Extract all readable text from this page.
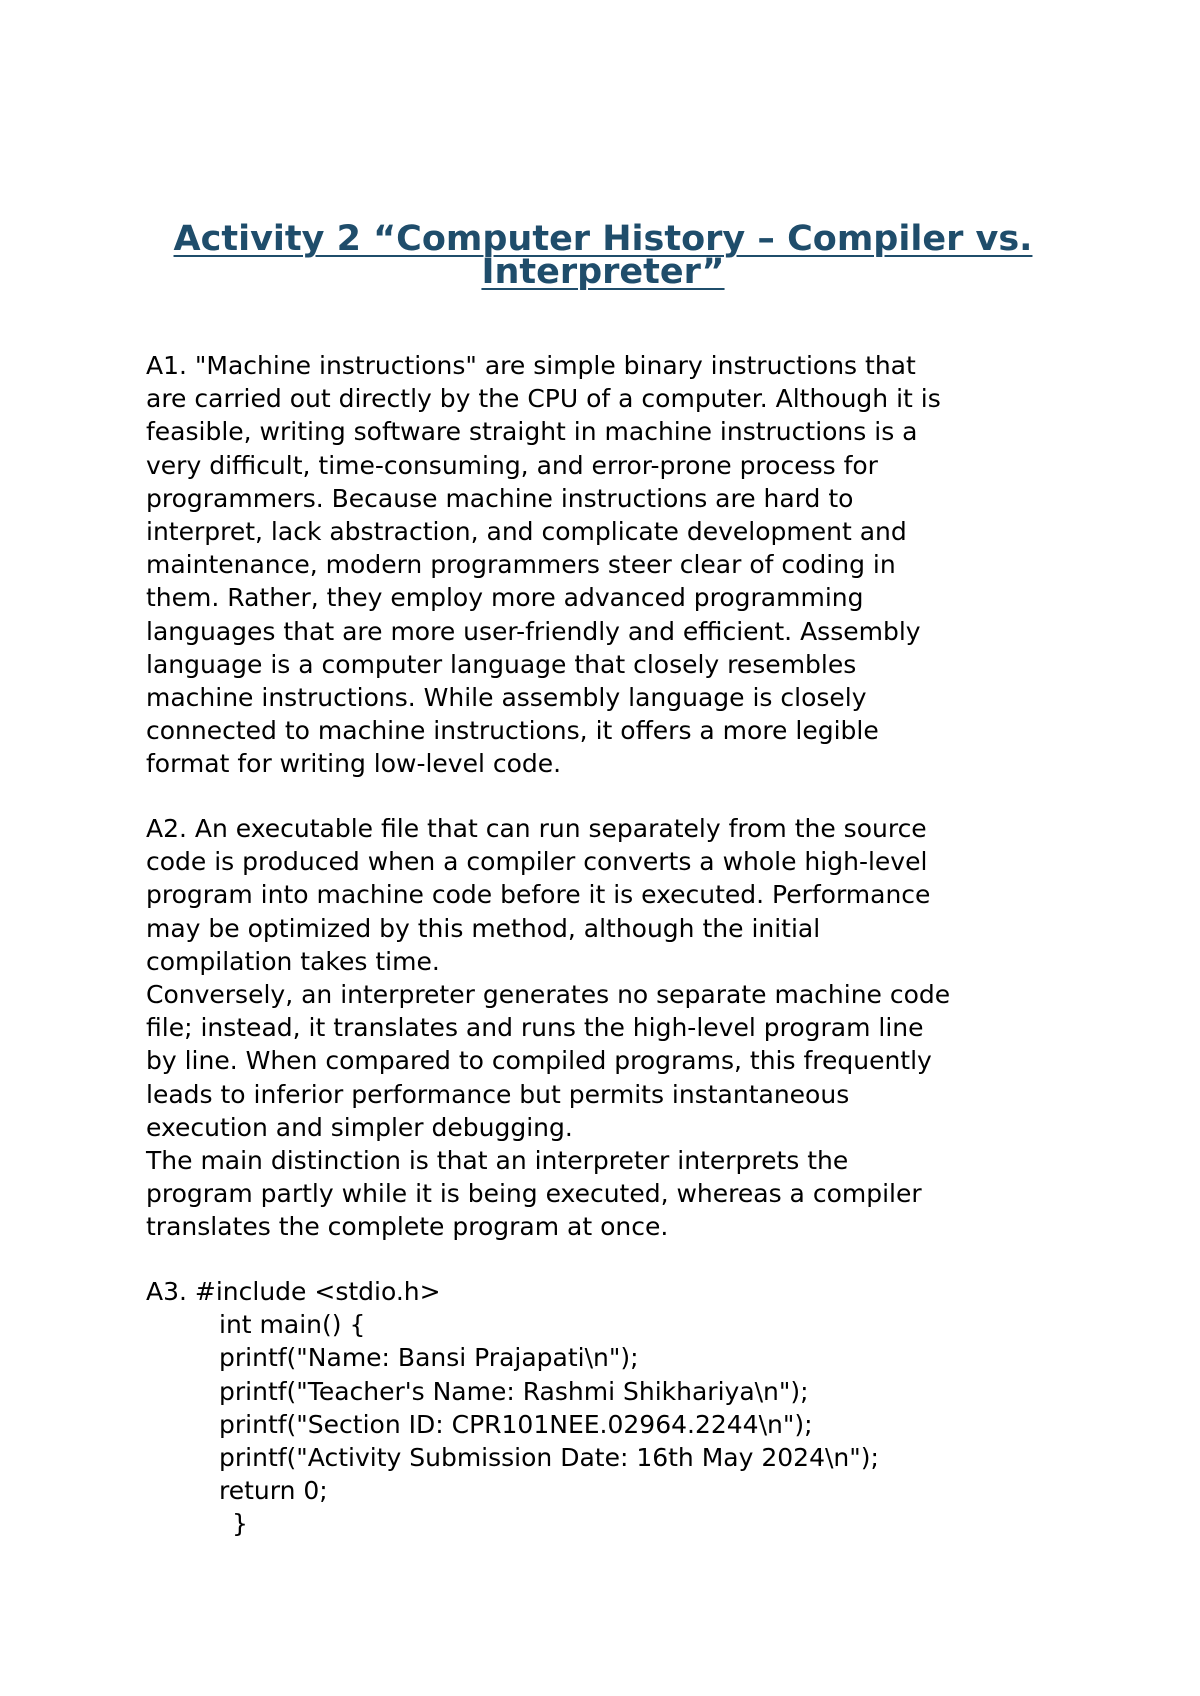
Activity 2 “Computer History – Compiler vs.
Interpreter”
A1. "Machine instructions" are simple binary instructions that
are carried out directly by the CPU of a computer. Although it is
feasible, writing software straight in machine instructions is a
very difficult, time-consuming, and error-prone process for
programmers. Because machine instructions are hard to
interpret, lack abstraction, and complicate development and
maintenance, modern programmers steer clear of coding in
them. Rather, they employ more advanced programming
languages that are more user-friendly and efficient. Assembly
language is a computer language that closely resembles
machine instructions. While assembly language is closely
connected to machine instructions, it offers a more legible
format for writing low-level code.
A2. An executable file that can run separately from the source
code is produced when a compiler converts a whole high-level
program into machine code before it is executed. Performance
may be optimized by this method, although the initial
compilation takes time.
Conversely, an interpreter generates no separate machine code
file; instead, it translates and runs the high-level program line
by line. When compared to compiled programs, this frequently
leads to inferior performance but permits instantaneous
execution and simpler debugging.
The main distinction is that an interpreter interprets the
program partly while it is being executed, whereas a compiler
translates the complete program at once.
A3. #include <stdio.h>
int main() {
printf("Name: Bansi Prajapati\n");
printf("Teacher's Name: Rashmi Shikhariya\n");
printf("Section ID: CPR101NEE.02964.2244\n");
printf("Activity Submission Date: 16th May 2024\n");
return 0;
}
